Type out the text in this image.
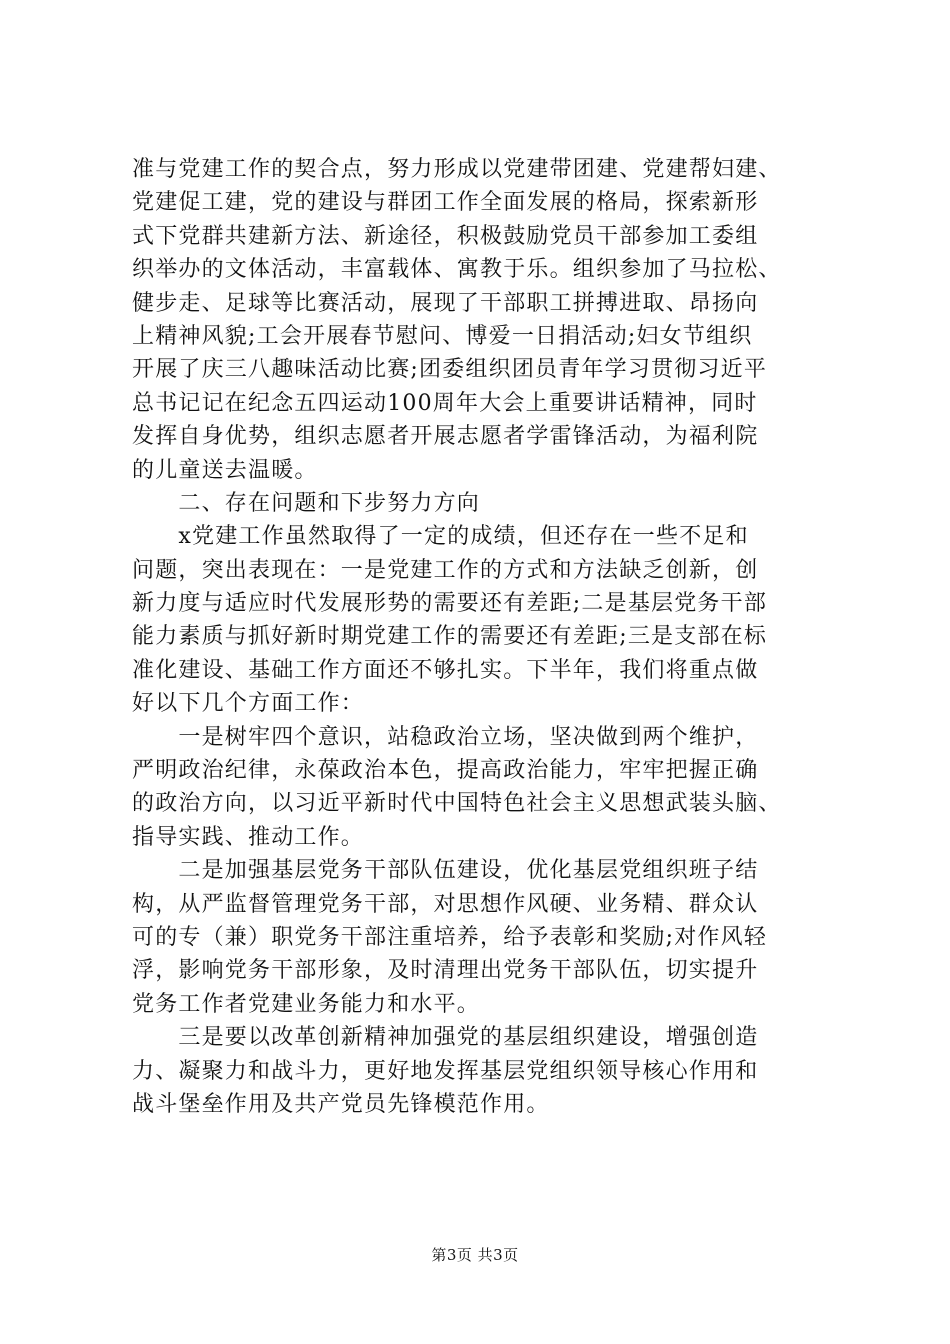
准与党建工作的契合点，努力形成以党建带团建、党建帮妇建、
党建促工建，党的建设与群团工作全面发展的格局，探索新形
式下党群共建新方法、新途径，积极鼓励党员干部参加工委组
织举办的文体活动，丰富载体、寓教于乐。组织参加了马拉松、
健步走、足球等比赛活动，展现了干部职工拼搏进取、昂扬向
上精神风貌;工会开展春节慰问、博爱一日捐活动;妇女节组织
开展了庆三八趣味活动比赛;团委组织团员青年学习贯彻习近平
总书记记在纪念五四运动100周年大会上重要讲话精神，同时
发挥自身优势，组织志愿者开展志愿者学雷锋活动，为福利院
的儿童送去温暖。
　　二、存在问题和下步努力方向
　　x党建工作虽然取得了一定的成绩，但还存在一些不足和
问题，突出表现在：一是党建工作的方式和方法缺乏创新，创
新力度与适应时代发展形势的需要还有差距;二是基层党务干部
能力素质与抓好新时期党建工作的需要还有差距;三是支部在标
准化建设、基础工作方面还不够扎实。下半年，我们将重点做
好以下几个方面工作：
　　一是树牢四个意识，站稳政治立场，坚决做到两个维护，
严明政治纪律，永葆政治本色，提高政治能力，牢牢把握正确
的政治方向，以习近平新时代中国特色社会主义思想武装头脑、
指导实践、推动工作。
　　二是加强基层党务干部队伍建设，优化基层党组织班子结
构，从严监督管理党务干部，对思想作风硬、业务精、群众认
可的专（兼）职党务干部注重培养，给予表彰和奖励;对作风轻
浮，影响党务干部形象，及时清理出党务干部队伍，切实提升
党务工作者党建业务能力和水平。
　　三是要以改革创新精神加强党的基层组织建设，增强创造
力、凝聚力和战斗力，更好地发挥基层党组织领导核心作用和
战斗堡垒作用及共产党员先锋模范作用。
第3页 共3页
